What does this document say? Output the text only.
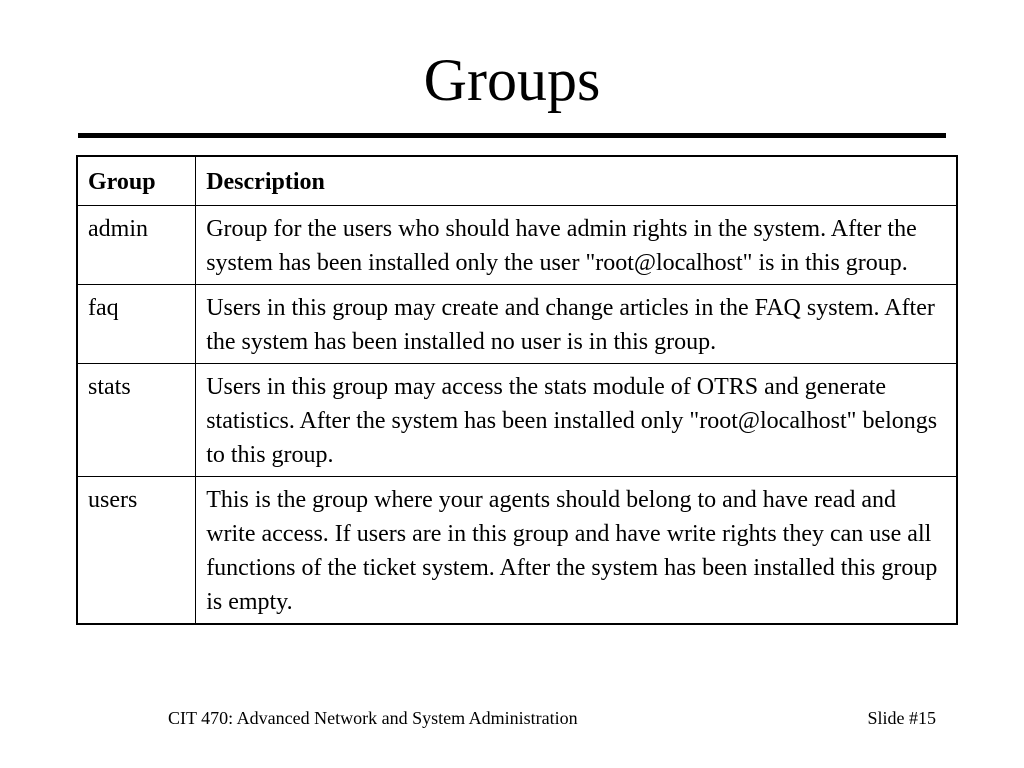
Groups
Group	Description
admin	Group for the users who should have admin rights in the system. After the system has been installed only the user "root@localhost" is in this group.
faq	Users in this group may create and change articles in the FAQ system. After the system has been installed no user is in this group.
stats	Users in this group may access the stats module of OTRS and generate statistics. After the system has been installed only "root@localhost" belongs to this group.
users	This is the group where your agents should belong to and have read and write access. If users are in this group and have write rights they can use all functions of the ticket system. After the system has been installed this group is empty.
CIT 470: Advanced Network and System Administration	Slide #15
